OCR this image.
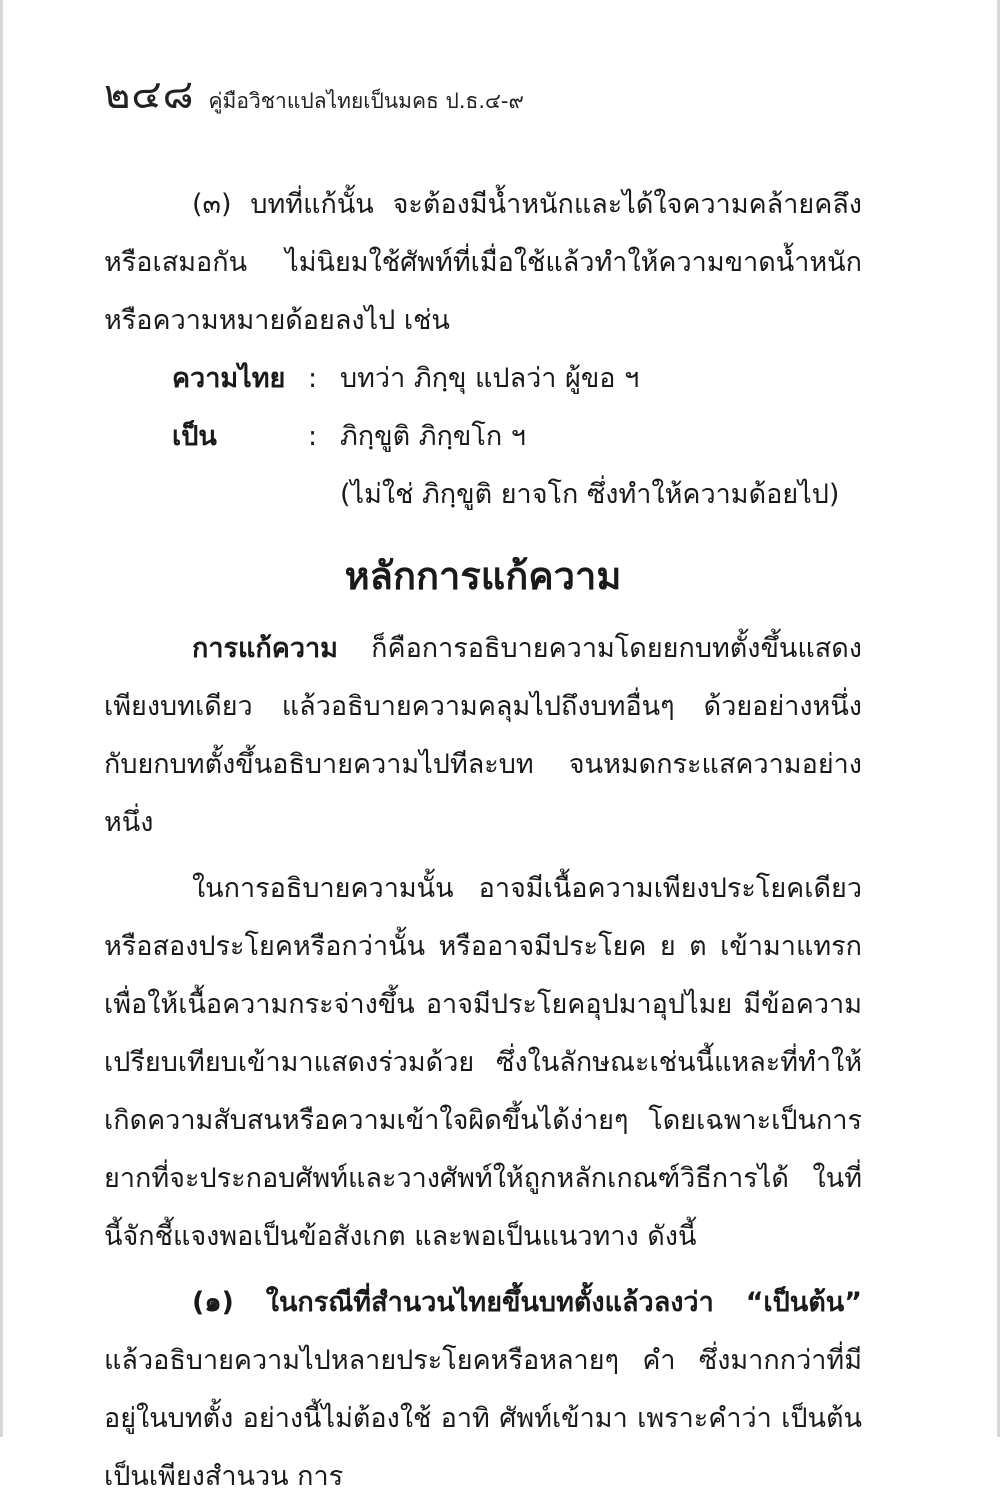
๒๔๘ คู่มือวิชาแปลไทยเป็นมคธ ป.ธ.๔-๙

(๓) บทที่แก้นั้น จะต้องมีน้ำหนักและได้ใจความคล้ายคลึงหรือเสมอกัน ไม่นิยมใช้ศัพท์ที่เมื่อใช้แล้วทำให้ความขาดน้ำหนัก หรือความหมายด้อยลงไป เช่น

ความไทย : บทว่า ภิกฺขุ แปลว่า ผู้ขอ ฯ
เป็น	: ภิกฺขูติ ภิกฺขโก ฯ
(ไม่ใช่ ภิกฺขูติ ยาจโก ซึ่งทำให้ความด้อยไป)
หลักการแก้ความ

การแก้ความ ก็คือการอธิบายความโดยยกบทตั้งขึ้นแสดงเพียงบทเดียว แล้วอธิบายความคลุมไปถึงบทอื่นๆ ด้วยอย่างหนึ่ง กับยกบทตั้งขึ้นอธิบายความไปทีละบท จนหมดกระแสความอย่างหนึ่ง

ในการอธิบายความนั้น อาจมีเนื้อความเพียงประโยคเดียว หรือสองประโยคหรือกว่านั้น หรืออาจมีประโยค ย ต เข้ามาแทรก เพื่อให้เนื้อความกระจ่างขึ้น อาจมีประโยคอุปมาอุปไมย มีข้อความเปรียบเทียบเข้ามาแสดงร่วมด้วย ซึ่งในลักษณะเช่นนี้แหละที่ทำให้เกิดความสับสนหรือความเข้าใจผิดขึ้นได้ง่ายๆ โดยเฉพาะเป็นการยากที่จะประกอบศัพท์และวางศัพท์ให้ถูกหลักเกณฑ์วิธีการได้ ในที่นี้จักชี้แจงพอเป็นข้อสังเกต และพอเป็นแนวทาง ดังนี้

(๑) ในกรณีที่สำนวนไทยขึ้นบทตั้งแล้วลงว่า “เป็นต้น” แล้วอธิบายความไปหลายประโยคหรือหลายๆ คำ ซึ่งมากกว่าที่มีอยู่ในบทตั้ง อย่างนี้ไม่ต้องใช้ อาทิ ศัพท์เข้ามา เพราะคำว่า เป็นต้นเป็นเพียงสำนวน การ
